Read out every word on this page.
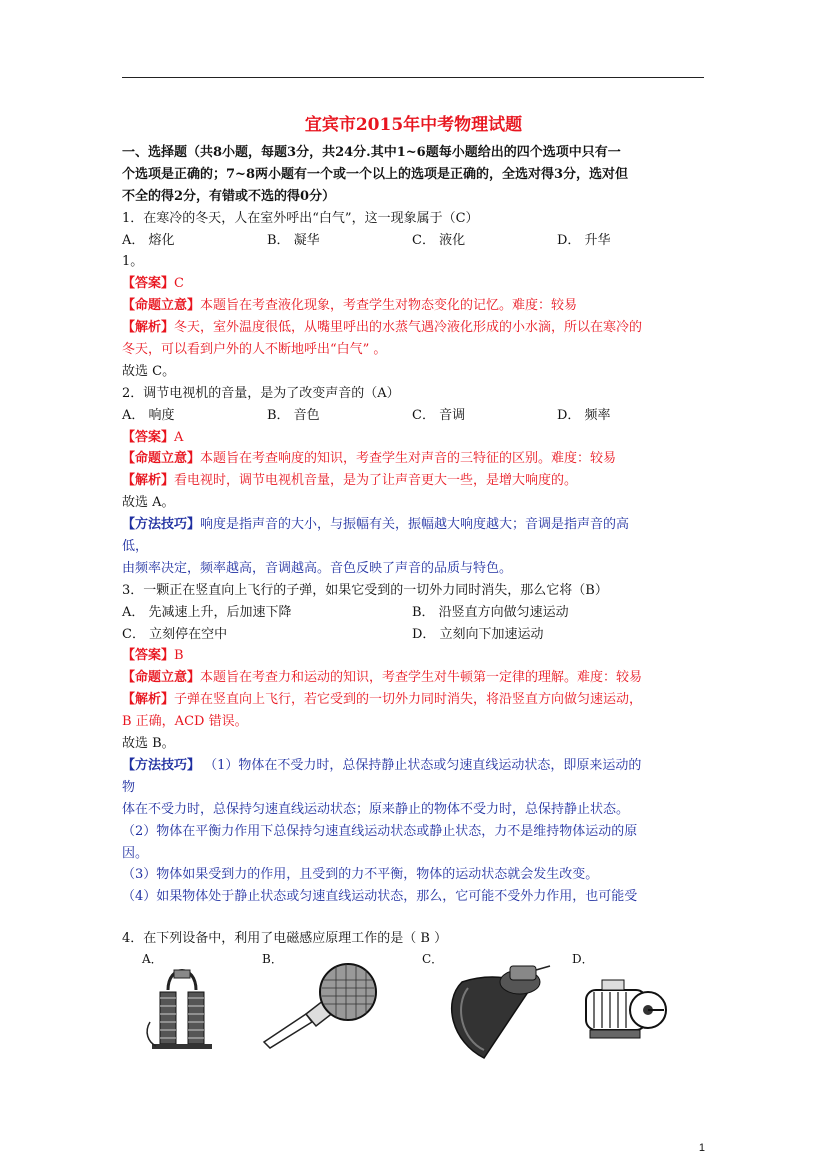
宜宾市2015年中考物理试题
一、选择题（共8小题，每题3分，共24分.其中1~6题每小题给出的四个选项中只有一
个选项是正确的；7~8两小题有一个或一个以上的选项是正确的，全选对得3分，选对但
不全的得2分，有错或不选的得0分）
1．在寒冷的冬天，人在室外呼出“白气”，这一现象属于（C）
A． 熔化	B． 凝华	C． 液化	D． 升华
1。
【答案】C
【命题立意】本题旨在考查液化现象，考查学生对物态变化的记忆。难度：较易
【解析】冬天，室外温度很低，从嘴里呼出的水蒸气遇冷液化形成的小水滴，所以在寒冷的
冬天，可以看到户外的人不断地呼出“白气” 。
故选 C。
2．调节电视机的音量，是为了改变声音的（A）
A． 响度	B． 音色	C． 音调	D． 频率
【答案】A
【命题立意】本题旨在考查响度的知识，考查学生对声音的三特征的区别。难度：较易
【解析】看电视时，调节电视机音量，是为了让声音更大一些，是增大响度的。
故选 A。
【方法技巧】响度是指声音的大小，与振幅有关，振幅越大响度越大；音调是指声音的高
低，
由频率决定，频率越高，音调越高。音色反映了声音的品质与特色。
3．一颗正在竖直向上飞行的子弹，如果它受到的一切外力同时消失，那么它将（B）
A． 先减速上升，后加速下降	B． 沿竖直方向做匀速运动
C． 立刻停在空中	D． 立刻向下加速运动
【答案】B
【命题立意】本题旨在考查力和运动的知识，考查学生对牛顿第一定律的理解。难度：较易
【解析】子弹在竖直向上飞行，若它受到的一切外力同时消失，将沿竖直方向做匀速运动，
B 正确，ACD 错误。
故选 B。
【方法技巧】 （1）物体在不受力时，总保持静止状态或匀速直线运动状态，即原来运动的
物
体在不受力时，总保持匀速直线运动状态；原来静止的物体不受力时，总保持静止状态。
（2）物体在平衡力作用下总保持匀速直线运动状态或静止状态，力不是维持物体运动的原
因。
（3）物体如果受到力的作用，且受到的力不平衡，物体的运动状态就会发生改变。
（4）如果物体处于静止状态或匀速直线运动状态，那么，它可能不受外力作用，也可能受
4．在下列设备中，利用了电磁感应原理工作的是（ B ）
A．	B．	C．	D．
1
